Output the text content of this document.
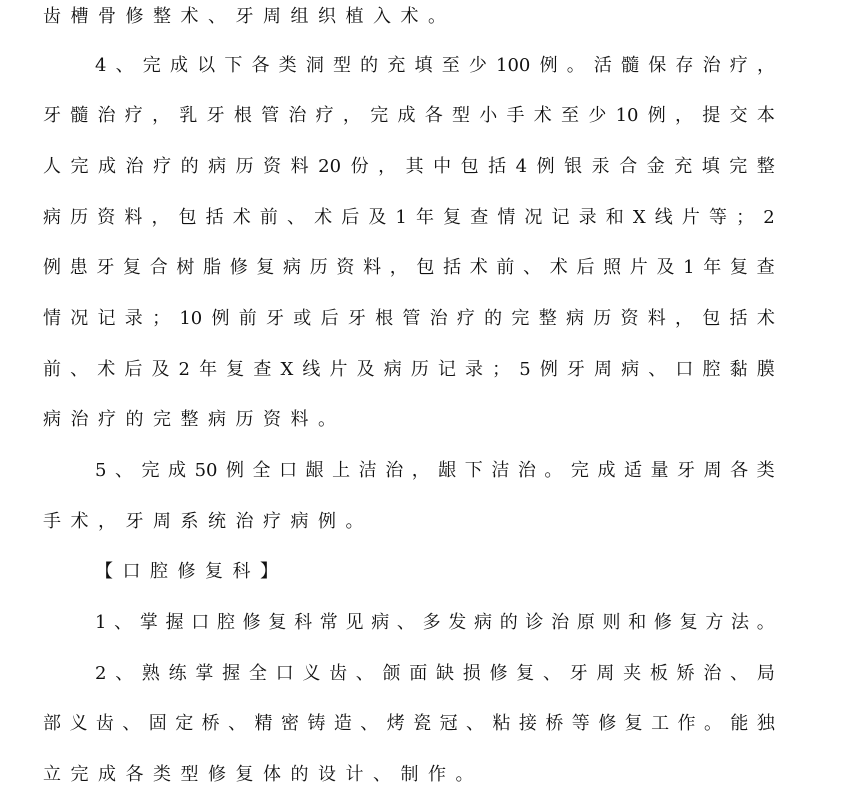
齿槽骨修整术、牙周组织植入术。
4 、 完 成 以 下 各 类 洞 型 的 充 填 至 少 100 例 。 活 髓 保 存 治 疗 ，
牙 髓 治 疗 ， 乳 牙 根 管 治 疗 ， 完 成 各 型 小 手 术 至 少 10 例 ， 提 交 本
人 完 成 治 疗 的 病 历 资 料 20 份 ， 其 中 包 括 4 例 银 汞 合 金 充 填 完 整
病 历 资 料 ， 包 括 术 前 、 术 后 及 1 年 复 查 情 况 记 录 和 X 线 片 等 ； 2
例 患 牙 复 合 树 脂 修 复 病 历 资 料 ， 包 括 术 前 、 术 后 照 片 及 1 年 复 查
情 况 记 录 ； 10 例 前 牙 或 后 牙 根 管 治 疗 的 完 整 病 历 资 料 ， 包 括 术
前 、 术 后 及 2 年 复 查 X 线 片 及 病 历 记 录 ； 5 例 牙 周 病 、 口 腔 黏 膜
病治疗的完整病历资料。
5 、 完 成 50 例 全 口 龈 上 洁 治 ， 龈 下 洁 治 。 完 成 适 量 牙 周 各 类
手术，牙周系统治疗病例。
【口腔修复科】
1 、 掌 握 口 腔 修 复 科 常 见 病 、 多 发 病 的 诊 治 原 则 和 修 复 方 法 。
2 、 熟 练 掌 握 全 口 义 齿 、 颌 面 缺 损 修 复 、 牙 周 夹 板 矫 治 、 局
部 义 齿 、 固 定 桥 、 精 密 铸 造 、 烤 瓷 冠 、 粘 接 桥 等 修 复 工 作 。 能 独
立完成各类型修复体的设计、制作。
